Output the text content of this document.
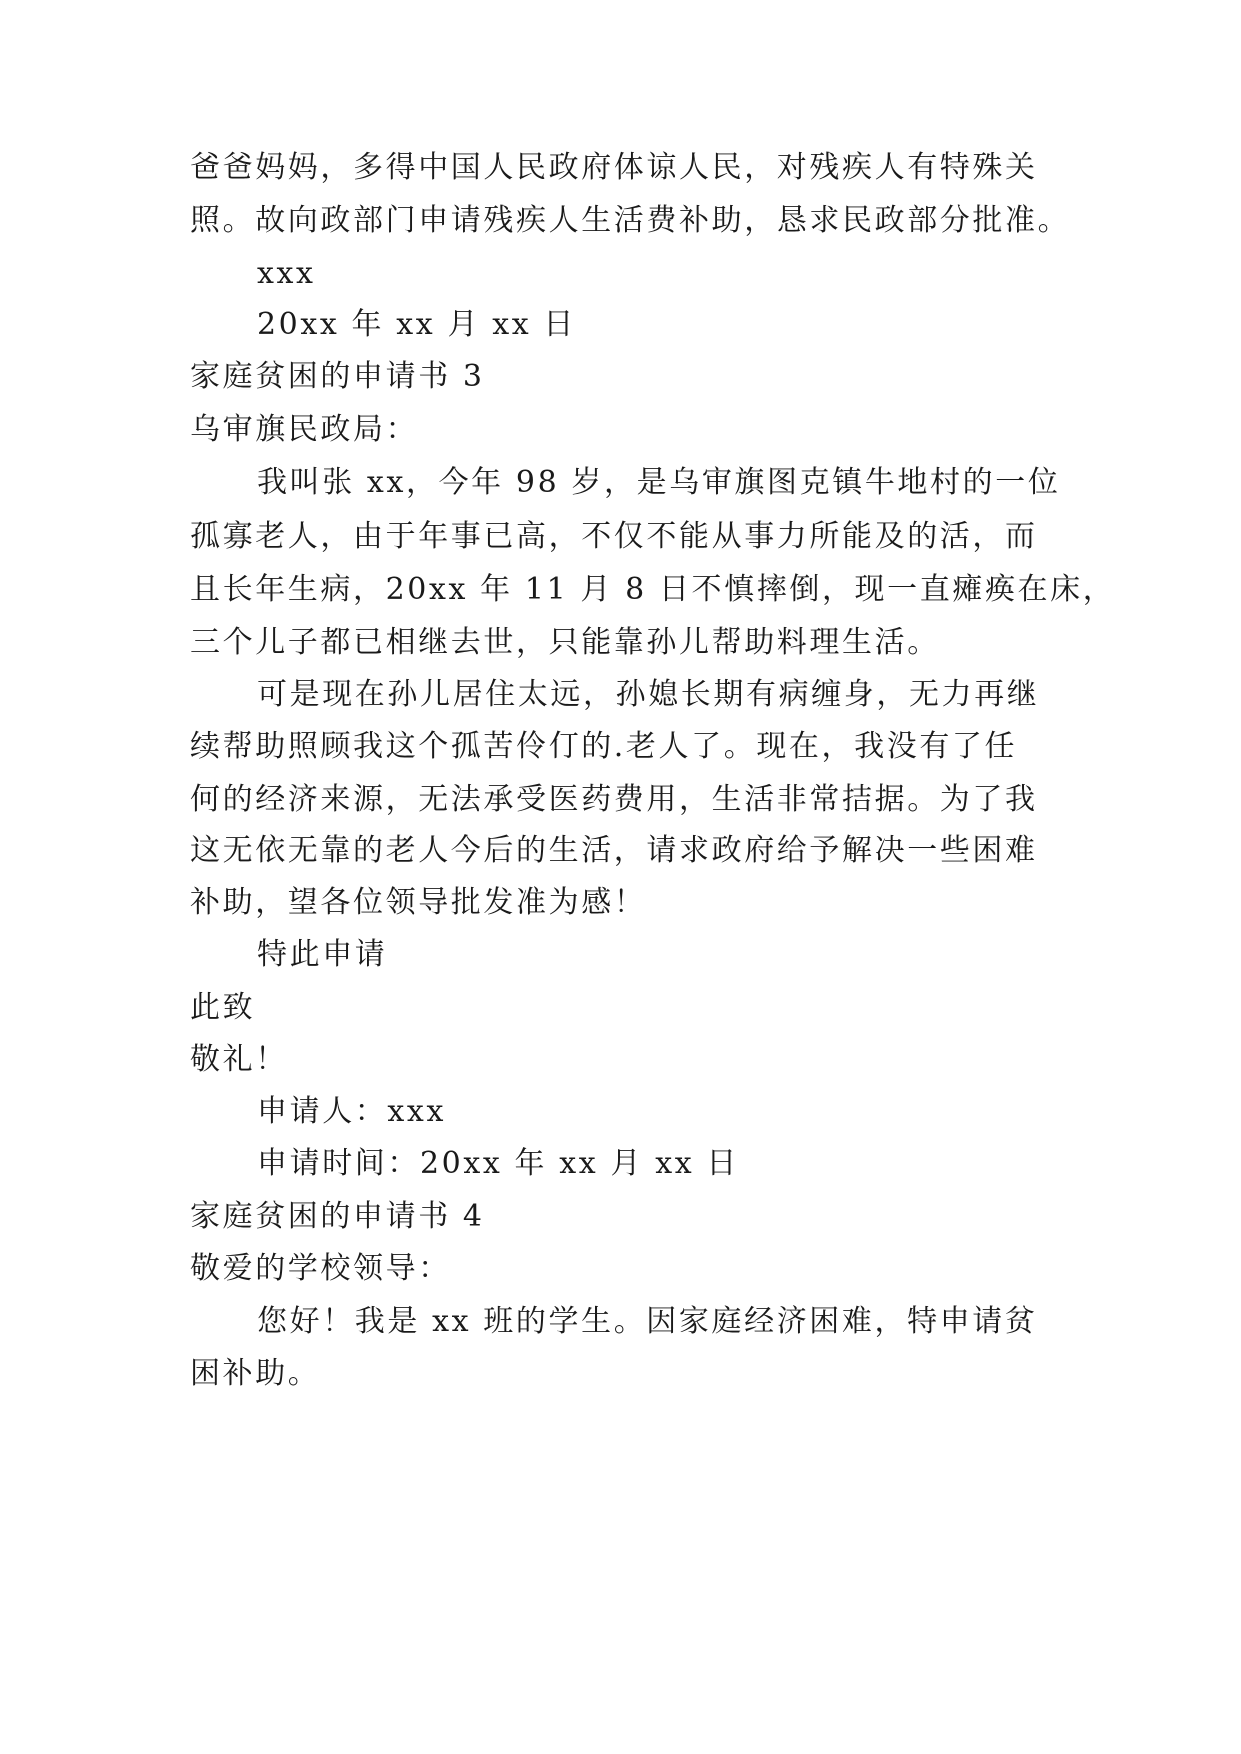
爸爸妈妈，多得中国人民政府体谅人民，对残疾人有特殊关
照。故向政部门申请残疾人生活费补助，恳求民政部分批准。
xxx
20xx 年 xx 月 xx 日
家庭贫困的申请书 3
乌审旗民政局：
我叫张 xx，今年 98 岁，是乌审旗图克镇牛地村的一位
孤寡老人，由于年事已高，不仅不能从事力所能及的活，而
且长年生病，20xx 年 11 月 8 日不慎摔倒，现一直瘫痪在床，
三个儿子都已相继去世，只能靠孙儿帮助料理生活。
可是现在孙儿居住太远，孙媳长期有病缠身，无力再继
续帮助照顾我这个孤苦伶仃的.老人了。现在，我没有了任
何的经济来源，无法承受医药费用，生活非常拮据。为了我
这无依无靠的老人今后的生活，请求政府给予解决一些困难
补助，望各位领导批发准为感！
特此申请
此致
敬礼！
申请人：xxx
申请时间：20xx 年 xx 月 xx 日
家庭贫困的申请书 4
敬爱的学校领导：
您好！我是 xx 班的学生。因家庭经济困难，特申请贫
困补助。
